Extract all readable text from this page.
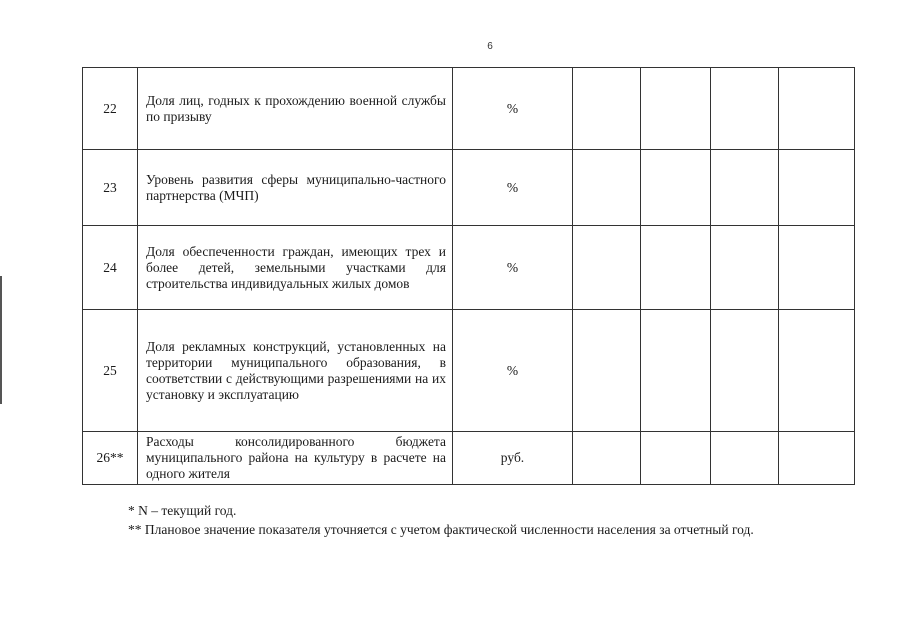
6
22	Доля лиц, годных к прохождению военной службы по призыву	%				
23	Уровень развития сферы муниципально-частного партнерства (МЧП)	%				
24	Доля обеспеченности граждан, имеющих трех и более детей, земельными участками для строительства индивидуальных жилых домов	%				
25	Доля рекламных конструкций, установленных на территории муниципального образования, в соответствии с действующими разрешениями на их установку и эксплуатацию	%				
26**	Расходы консолидированного бюджета муниципального района на культуру в расчете на одного жителя	руб.				
* N – текущий год.
** Плановое значение показателя уточняется с учетом фактической численности населения за отчетный год.
